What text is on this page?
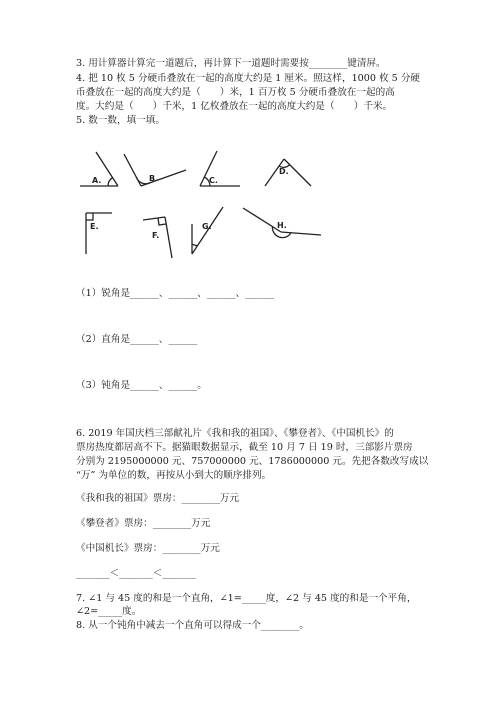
3. 用计算器计算完一道题后，再计算下一道题时需要按________键清屏。
4. 把 10 枚 5 分硬币叠放在一起的高度大约是 1 厘米。照这样，1000 枚 5 分硬
币叠放在一起的高度大约是（　　）米，1 百万枚 5 分硬币叠放在一起的高
度。大约是（　　）千米，1 亿枚叠放在一起的高度大约是（　　）千米。
5. 数一数，填一填。
A.	B.	C.
D.
E.
F.
G.	H.
（1）锐角是______、______、______、______
（2）直角是______、______
（3）钝角是______、______。
6. 2019 年国庆档三部献礼片《我和我的祖国》、《攀登者》、《中国机长》的
票房热度都居高不下。据猫眼数据显示，截至 10 月 7 日 19 时，三部影片票房
分别为 2195000000 元、757000000 元、1786000000 元。先把各数改写成以
“万” 为单位的数，再按从小到大的顺序排列。
《我和我的祖国》票房：________万元
《攀登者》票房：________万元
《中国机长》票房：________万元
_______＜_______＜_______
7. ∠1 与 45 度的和是一个直角，∠1=_____度，∠2 与 45 度的和是一个平角，
∠2=_____度。
8. 从一个钝角中减去一个直角可以得成一个________。
